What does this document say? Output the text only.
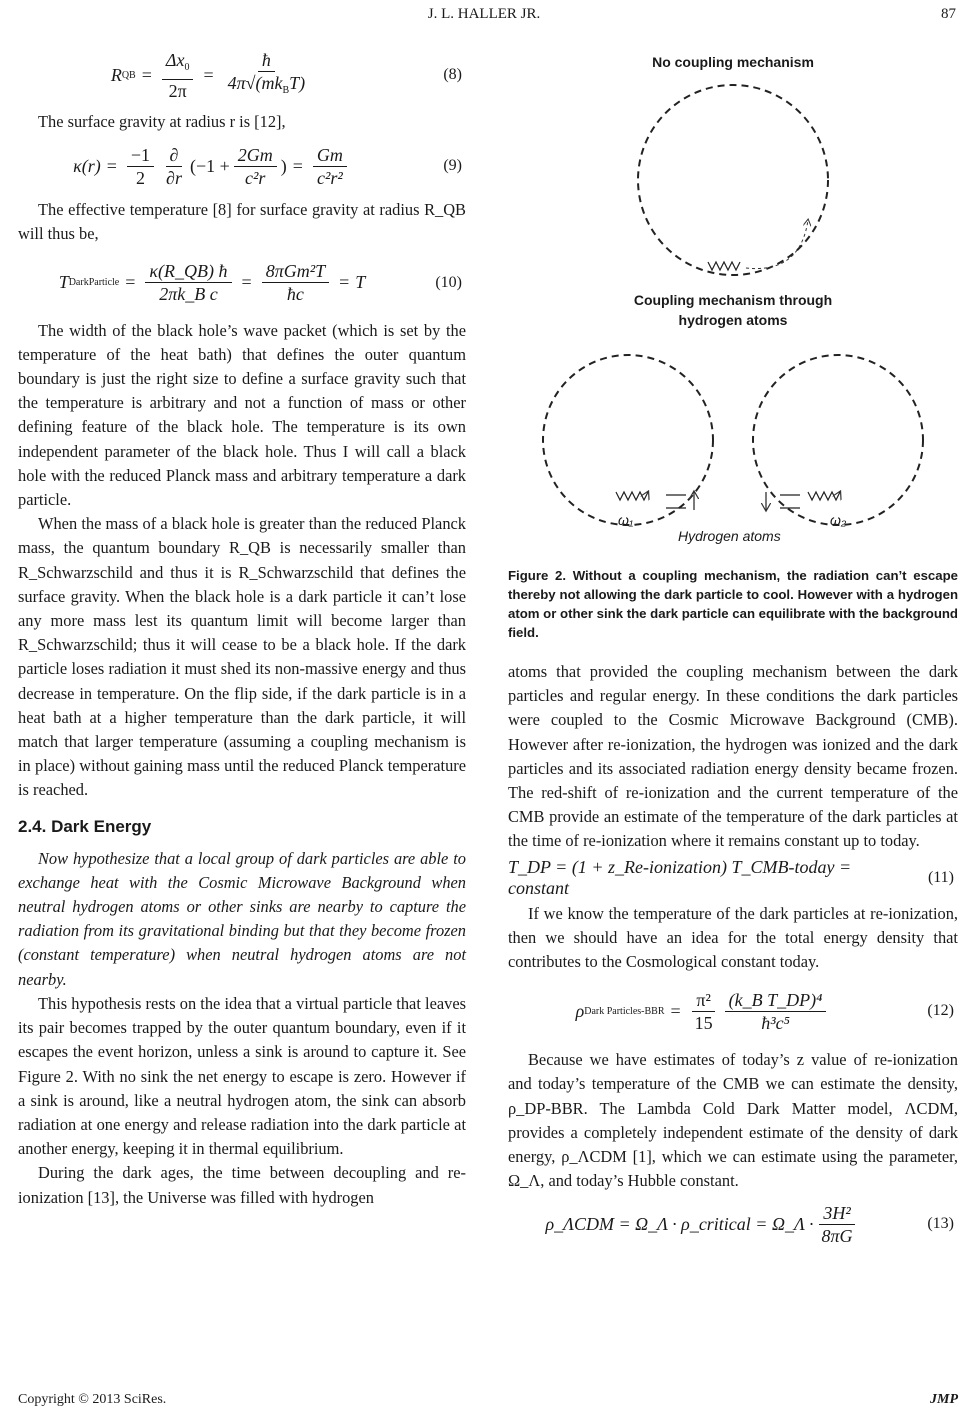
J. L. HALLER JR.	87
R QB = $\frac{\Delta x_0}{2\pi} = \frac{ħ}{4\pi√(mk_BT)}$	(8)

The surface gravity at radius r is [12],

$\kappa(r) = \frac{-1}{2} \frac{\partial}{\partial r} (-1 + \frac{2Gm}{\text{c²r}}$ ) = $\frac{Gm}{\text{c²r²}}$	(9)

The effective temperature [8] for surface gravity at radius R_QB will thus be,

T DarkParticle = $\frac{\kappa(R\_QB) ħ}{\text{2πk\_B c}} = \frac{\text{8πGm²T}}{ħc} = T$	(10)

The width of the black hole’s wave packet (which is set by the temperature of the heat bath) that defines the outer quantum boundary is just the right size to define a surface gravity such that the temperature is arbitrary and not a function of mass or other defining feature of the black hole. The temperature is its own independent parameter of the black hole. Thus I will call a black hole with the reduced Planck mass and arbitrary temperature a dark particle.

When the mass of a black hole is greater than the reduced Planck mass, the quantum boundary R_QB is necessarily smaller than R_Schwarzschild and thus it is R_Schwarzschild that defines the surface gravity. When the black hole is a dark particle it can’t lose any more mass lest its quantum limit will become larger than R_Schwarzschild; thus it will cease to be a black hole. If the dark particle loses radiation it must shed its non-massive energy and thus decrease in temperature. On the flip side, if the dark particle is in a heat bath at a higher temperature than the dark particle, it will match that larger temperature (assuming a coupling mechanism is in place) without gaining mass until the reduced Planck temperature is reached.

2.4. Dark Energy

Now hypothesize that a local group of dark particles are able to exchange heat with the Cosmic Microwave Background when neutral hydrogen atoms or other sinks are nearby to capture the radiation from its gravitational binding but that they become frozen (constant temperature) when neutral hydrogen atoms are not nearby.

This hypothesis rests on the idea that a virtual particle that leaves its pair becomes trapped by the outer quantum boundary, even if it escapes the event horizon, unless a sink is around to capture it. See Figure 2. With no sink the net energy to escape is zero. However if a sink is around, like a neutral hydrogen atom, the sink can absorb radiation at one energy and release radiation into the dark particle at another energy, keeping it in thermal equilibrium.

During the dark ages, the time between decoupling and re-ionization [13], the Universe was filled with hydrogen

No coupling mechanism
Coupling mechanism through hydrogen atoms
ω₁	ω₂
Hydrogen atoms
Figure 2. Without a coupling mechanism, the radiation can’t escape thereby not allowing the dark particle to cool. However with a hydrogen atom or other sink the dark particle can equilibrate with the background field.

atoms that provided the coupling mechanism between the dark particles and regular energy. In these conditions the dark particles were coupled to the Cosmic Microwave Background (CMB). However after re-ionization, the hydrogen was ionized and the dark particles and its associated radiation energy density became frozen. The red-shift of re-ionization and the current temperature of the CMB provide an estimate of the temperature of the dark particles at the time of re-ionization where it remains constant up to today.

T_DP = (1 + z_Re-ionization) T_CMB-today = constant
(11)

If we know the temperature of the dark particles at re-ionization, then we should have an idea for the total energy density that contributes to the Cosmological constant today.

ρ Dark Particles-BBR = $\frac{\text{π²}}{15} \frac{\text{(k\_B T\_DP)⁴}}{\text{ħ³c⁵}}$	(12)

Because we have estimates of today’s z value of re-ionization and today’s temperature of the CMB we can estimate the density, ρ_DP-BBR. The Lambda Cold Dark Matter model, ΛCDM, provides a completely independent estimate of the density of dark energy, ρ_ΛCDM [1], which we can estimate using the parameter, Ω_Λ, and today’s Hubble constant.

ρ_ΛCDM = Ω_Λ · ρ_critical = Ω_Λ · $\frac{\text{3H²}}{8\pi G}$	(13)
Copyright © 2013 SciRes.	JMP
